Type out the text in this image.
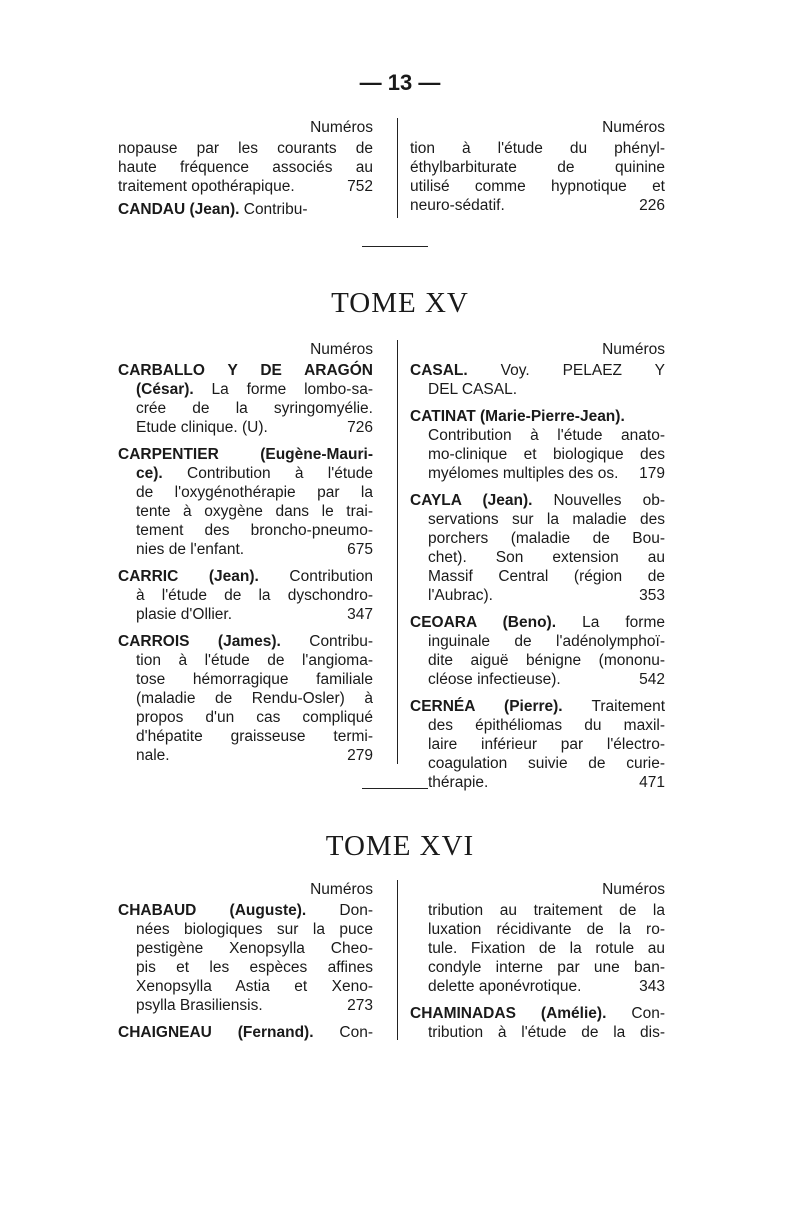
— 13 —
Numéros
nopause par les courants de
haute fréquence associés au
traitement opothérapique.	752
CANDAU (Jean). Contribu-
Numéros
tion à l'étude du phényl-
éthylbarbiturate de quinine
utilisé comme hypnotique et
neuro-sédatif.	226
TOME XV
Numéros
CARBALLO Y DE ARAGÓN
(César). La forme lombo-sa-
crée de la syringomyélie.
Etude clinique. (U).	726
CARPENTIER (Eugène-Mauri-
ce). Contribution à l'étude
de l'oxygénothérapie par la
tente à oxygène dans le trai-
tement des broncho-pneumo-
nies de l'enfant.	675
CARRIC (Jean). Contribution
à l'étude de la dyschondro-
plasie d'Ollier.	347
CARROIS (James). Contribu-
tion à l'étude de l'angioma-
tose hémorragique familiale
(maladie de Rendu-Osler) à
propos d'un cas compliqué
d'hépatite graisseuse termi-
nale.	279
Numéros
CASAL. Voy. PELAEZ Y
DEL CASAL.
CATINAT (Marie-Pierre-Jean).
Contribution à l'étude anato-
mo-clinique et biologique des
myélomes multiples des os. 179
CAYLA (Jean). Nouvelles ob-
servations sur la maladie des
porchers (maladie de Bou-
chet). Son extension au
Massif Central (région de
l'Aubrac).	353
CEOARA (Beno). La forme
inguinale de l'adénolymphoï-
dite aiguë bénigne (mononu-
cléose infectieuse).	542
CERNÉA (Pierre). Traitement
des épithéliomas du maxil-
laire inférieur par l'électro-
coagulation suivie de curie-
thérapie.	471
TOME XVI
Numéros
CHABAUD (Auguste). Don-
nées biologiques sur la puce
pestigène Xenopsylla Cheo-
pis et les espèces affines
Xenopsylla Astia et Xeno-
psylla Brasiliensis.	273
CHAIGNEAU (Fernand). Con-
Numéros
tribution au traitement de la
luxation récidivante de la ro-
tule. Fixation de la rotule au
condyle interne par une ban-
delette aponévrotique.	343
CHAMINADAS (Amélie). Con-
tribution à l'étude de la dis-
